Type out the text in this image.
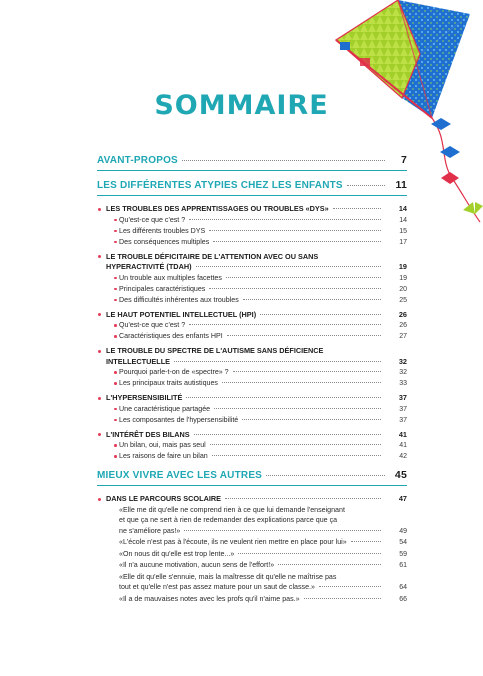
SOMMAIRE
AVANT-PROPOS	7
LES DIFFÉRENTES ATYPIES CHEZ LES ENFANTS	11
LES TROUBLES DES APPRENTISSAGES OU TROUBLES «DYS»	14
Qu'est-ce que c'est ?	14
Les différents troubles DYS	15
Des conséquences multiples	17
LE TROUBLE DÉFICITAIRE DE L'ATTENTION AVEC OU SANS
HYPERACTIVITÉ (TDAH)	19
Un trouble aux multiples facettes	19
Principales caractéristiques	20
Des difficultés inhérentes aux troubles	25
LE HAUT POTENTIEL INTELLECTUEL (HPI)	26
Qu'est-ce que c'est ?	26
Caractéristiques des enfants HPI	27
LE TROUBLE DU SPECTRE DE L'AUTISME SANS DÉFICIENCE
INTELLECTUELLE	32
Pourquoi parle-t-on de «spectre» ?	32
Les principaux traits autistiques	33
L'HYPERSENSIBILITÉ	37
Une caractéristique partagée	37
Les composantes de l'hypersensibilité	37
L'INTÉRÊT DES BILANS	41
Un bilan, oui, mais pas seul	41
Les raisons de faire un bilan	42
MIEUX VIVRE AVEC LES AUTRES	45
DANS LE PARCOURS SCOLAIRE	47
«Elle me dit qu'elle ne comprend rien à ce que lui demande l'enseignant
et que ça ne sert à rien de redemander des explications parce que ça
ne s'améliore pas!»	49
«L'école n'est pas à l'écoute, ils ne veulent rien mettre en place pour lui»	54
«On nous dit qu'elle est trop lente...»	59
«Il n'a aucune motivation, aucun sens de l'effort!»	61
«Elle dit qu'elle s'ennuie, mais la maîtresse dit qu'elle ne maîtrise pas
tout et qu'elle n'est pas assez mature pour un saut de classe.»	64
«Il a de mauvaises notes avec les profs qu'il n'aime pas.»	66
